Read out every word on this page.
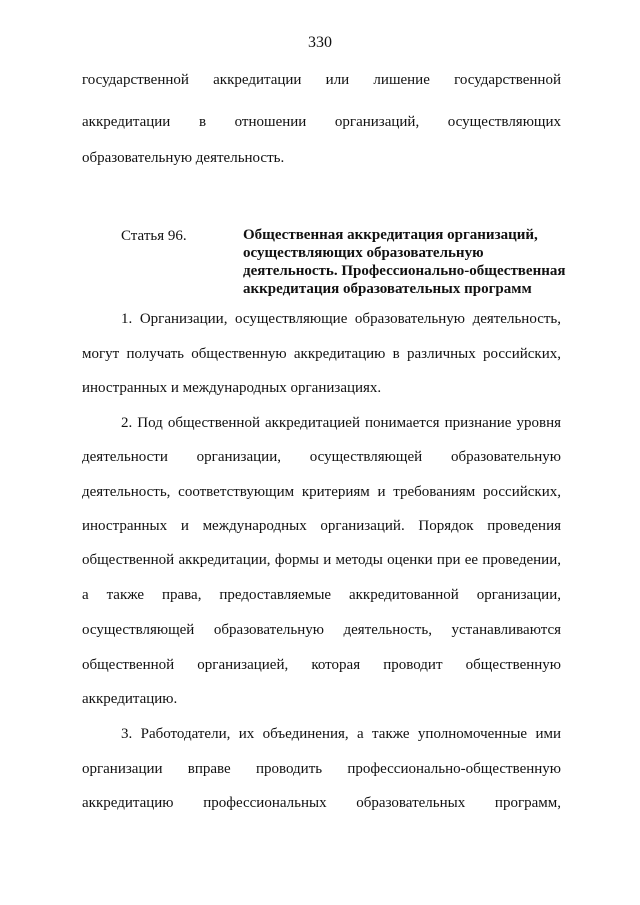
330
государственной аккредитации или лишение государственной
аккредитации в отношении организаций, осуществляющих
образовательную деятельность.
Статья 96.	Общественная аккредитация организаций,
осуществляющих образовательную
деятельность. Профессионально-общественная
аккредитация образовательных программ
1. Организации, осуществляющие образовательную деятельность,
могут получать общественную аккредитацию в различных российских,
иностранных и международных организациях.
2. Под общественной аккредитацией понимается признание уровня
деятельности организации, осуществляющей образовательную
деятельность, соответствующим критериям и требованиям российских,
иностранных и международных организаций. Порядок проведения
общественной аккредитации, формы и методы оценки при ее проведении,
а также права, предоставляемые аккредитованной организации,
осуществляющей образовательную деятельность, устанавливаются
общественной организацией, которая проводит общественную
аккредитацию.
3. Работодатели, их объединения, а также уполномоченные ими
организации вправе проводить профессионально-общественную
аккредитацию профессиональных образовательных программ,
